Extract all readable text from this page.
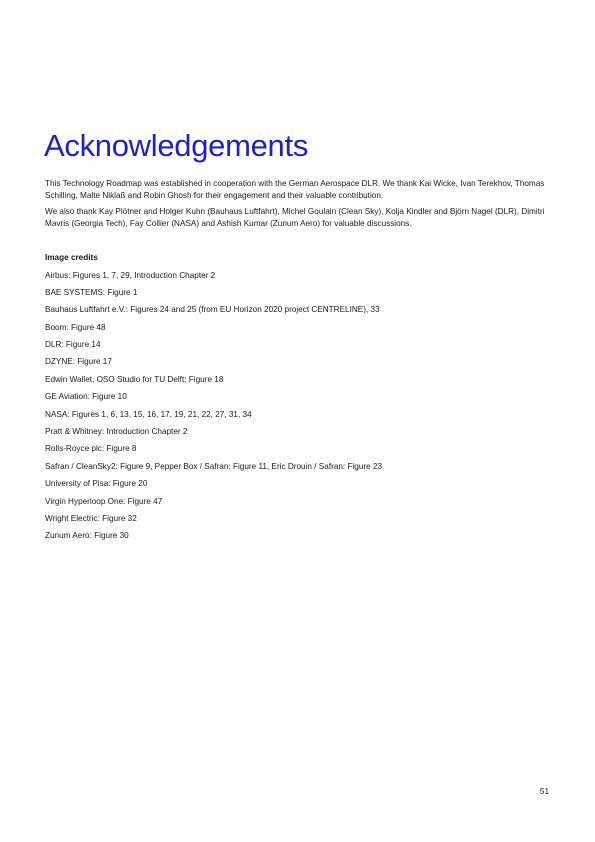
Acknowledgements

This Technology Roadmap was established in cooperation with the German Aerospace DLR. We thank Kai Wicke, Ivan Terekhov, Thomas Schilling, Malte Niklaß and Robin Ghosh for their engagement and their valuable contribution.

We also thank Kay Plötner and Holger Kuhn (Bauhaus Luftfahrt), Michel Goulain (Clean Sky), Kolja Kindler and Björn Nagel (DLR), Dimitri Mavris (Georgia Tech), Fay Collier (NASA) and Ashish Kumar (Zunum Aero) for valuable discussions.

Image credits
Airbus: Figures 1, 7, 29, Introduction Chapter 2
BAE SYSTEMS: Figure 1
Bauhaus Luftfahrt e.V.: Figures 24 and 25 (from EU Horizon 2020 project CENTRELINE), 33
Boom: Figure 48
DLR: Figure 14
DZYNE: Figure 17
Edwin Wallet, OSO Studio for TU Delft: Figure 18
GE Aviation: Figure 10
NASA: Figures 1, 6, 13, 15, 16, 17, 19, 21, 22, 27, 31, 34
Pratt & Whitney: Introduction Chapter 2
Rolls-Royce plc: Figure 8
Safran / CleanSky2: Figure 9, Pepper Box / Safran: Figure 11, Eric Drouin / Safran: Figure 23
University of Pisa: Figure 20
Virgin Hyperloop One: Figure 47
Wright Electric: Figure 32
Zunum Aero: Figure 30
51
